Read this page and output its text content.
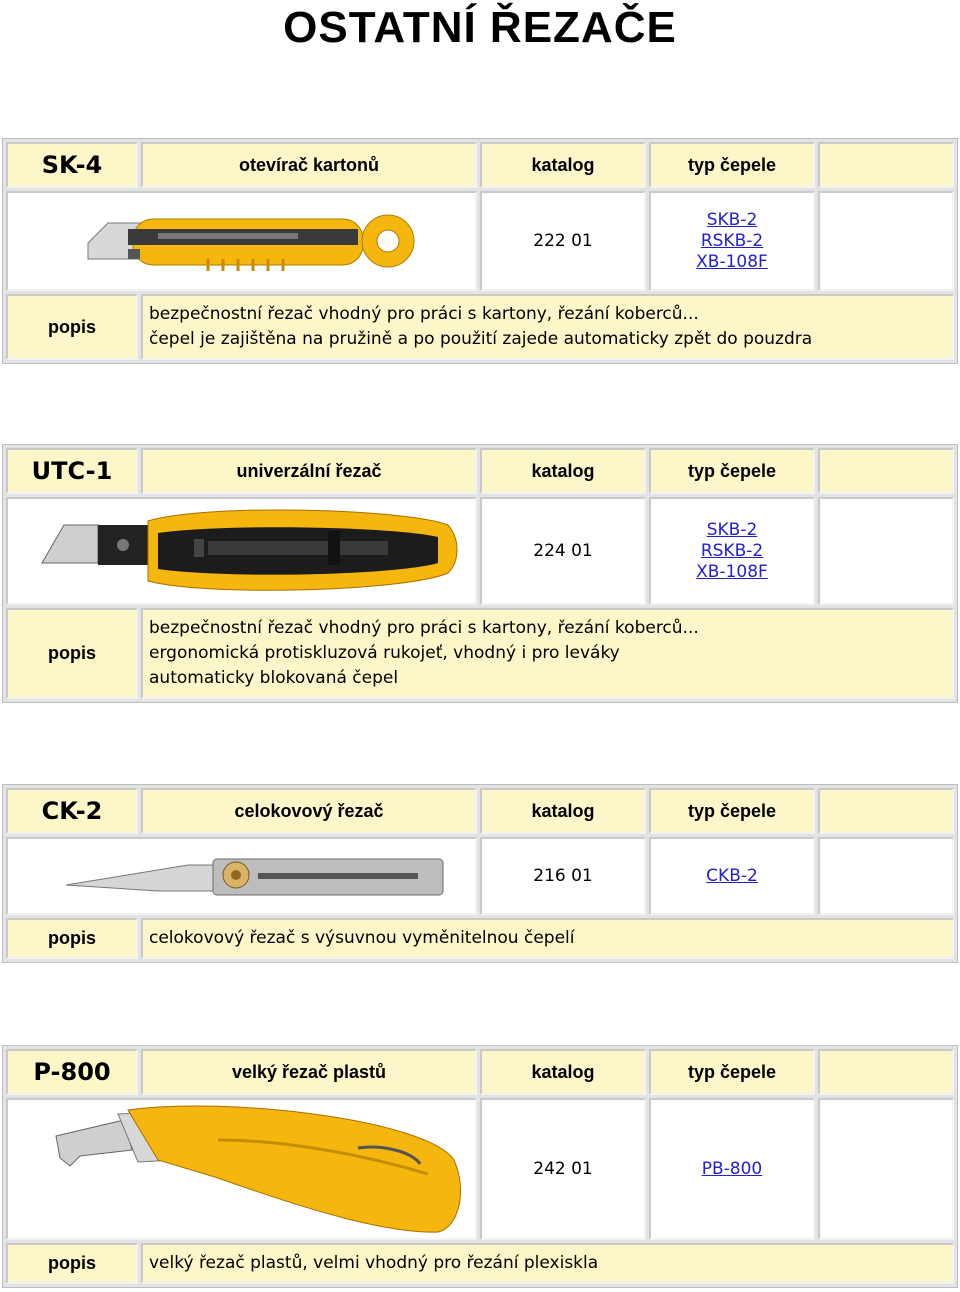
OSTATNÍ ŘEZAČE
SK-4	otevírač kartonů	katalog	typ čepele	

	222 01	SKB-2
RSKB-2
XB-108F	

popis	bezpečnostní řezač vhodný pro práci s kartony, řezání koberců...
čepel je zajištěna na pružině a po použití zajede automaticky zpět do pouzdra			
UTC-1	univerzální řezač	katalog	typ čepele	

	224 01	SKB-2
RSKB-2
XB-108F	

popis	bezpečnostní řezač vhodný pro práci s kartony, řezání koberců...
ergonomická protiskluzová rukojeť, vhodný i pro leváky
automaticky blokovaná čepel			
CK-2	celokovový řezač	katalog	typ čepele	

	216 01	CKB-2	

popis	celokovový řezač s výsuvnou vyměnitelnou čepelí			
P-800	velký řezač plastů	katalog	typ čepele	

	242 01	PB-800	

popis	velký řezač plastů, velmi vhodný pro řezání plexiskla			
